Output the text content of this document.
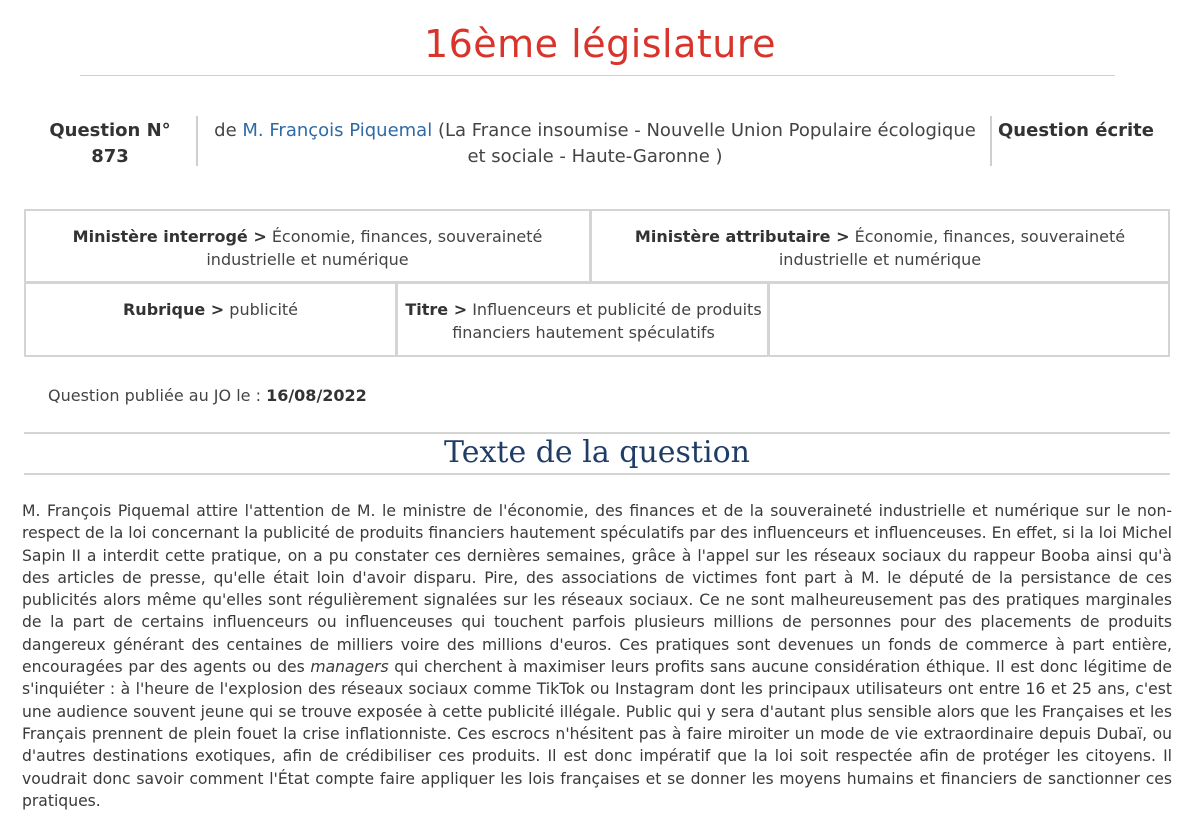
16ème législature
Question N°
873
de M. François Piquemal (La France insoumise - Nouvelle Union Populaire écologique et sociale - Haute-Garonne )
Question écrite
Ministère interrogé > Économie, finances, souveraineté industrielle et numérique
Ministère attributaire > Économie, finances, souveraineté industrielle et numérique
Rubrique > publicité	Titre > Influenceurs et publicité de produits financiers hautement spéculatifs
Question publiée au JO le : 16/08/2022
Texte de la question
M. François Piquemal attire l'attention de M. le ministre de l'économie, des finances et de la souveraineté industrielle et numérique sur le non-respect de la loi concernant la publicité de produits financiers hautement spéculatifs par des influenceurs et influenceuses. En effet, si la loi Michel Sapin II a interdit cette pratique, on a pu constater ces dernières semaines, grâce à l'appel sur les réseaux sociaux du rappeur Booba ainsi qu'à des articles de presse, qu'elle était loin d'avoir disparu. Pire, des associations de victimes font part à M. le député de la persistance de ces publicités alors même qu'elles sont régulièrement signalées sur les réseaux sociaux. Ce ne sont malheureusement pas des pratiques marginales de la part de certains influenceurs ou influenceuses qui touchent parfois plusieurs millions de personnes pour des placements de produits dangereux générant des centaines de milliers voire des millions d'euros. Ces pratiques sont devenues un fonds de commerce à part entière, encouragées par des agents ou des managers qui cherchent à maximiser leurs profits sans aucune considération éthique. Il est donc légitime de s'inquiéter : à l'heure de l'explosion des réseaux sociaux comme TikTok ou Instagram dont les principaux utilisateurs ont entre 16 et 25 ans, c'est une audience souvent jeune qui se trouve exposée à cette publicité illégale. Public qui y sera d'autant plus sensible alors que les Françaises et les Français prennent de plein fouet la crise inflationniste. Ces escrocs n'hésitent pas à faire miroiter un mode de vie extraordinaire depuis Dubaï, ou d'autres destinations exotiques, afin de crédibiliser ces produits. Il est donc impératif que la loi soit respectée afin de protéger les citoyens. Il voudrait donc savoir comment l'État compte faire appliquer les lois françaises et se donner les moyens humains et financiers de sanctionner ces pratiques.
